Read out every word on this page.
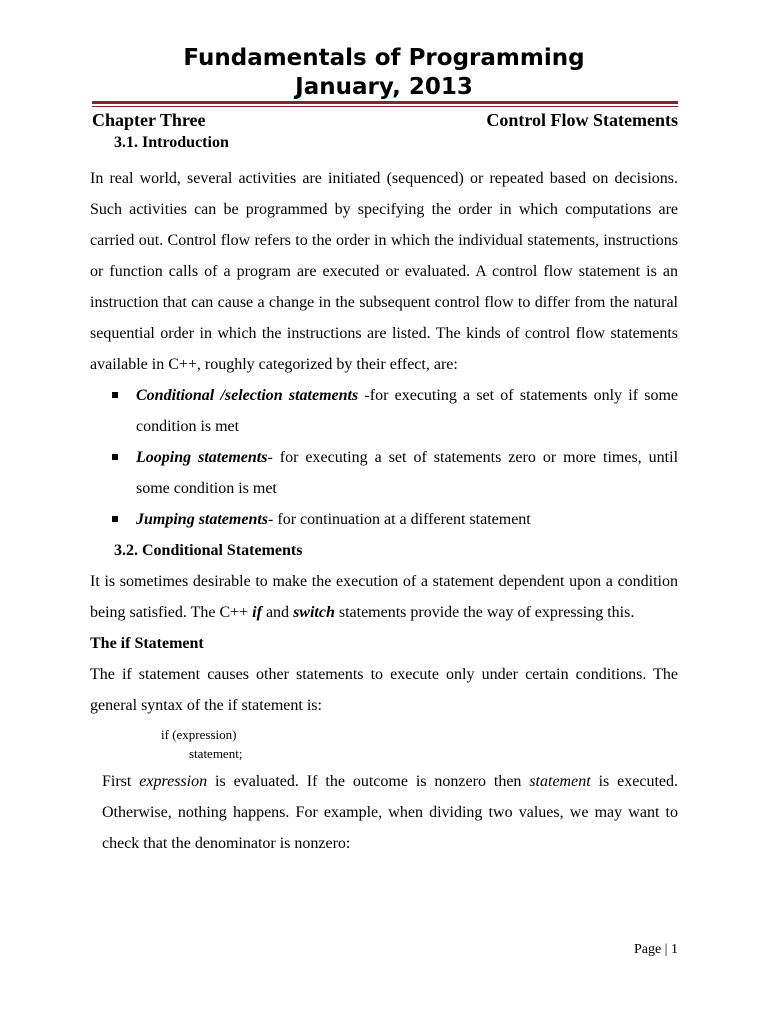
Fundamentals of Programming
January, 2013
Chapter Three	Control Flow Statements
3.1. Introduction

In real world, several activities are initiated (sequenced) or repeated based on decisions. Such activities can be programmed by specifying the order in which computations are carried out. Control flow refers to the order in which the individual statements, instructions or function calls of a program are executed or evaluated. A control flow statement is an instruction that can cause a change in the subsequent control flow to differ from the natural sequential order in which the instructions are listed. The kinds of control flow statements available in C++, roughly categorized by their effect, are:

Conditional /selection statements -for executing a set of statements only if some condition is met
Looping statements- for executing a set of statements zero or more times, until some condition is met
Jumping statements- for continuation at a different statement
3.2. Conditional Statements

It is sometimes desirable to make the execution of a statement dependent upon a condition being satisfied. The C++ if and switch statements provide the way of expressing this.

The if Statement

The if statement causes other statements to execute only under certain conditions. The general syntax of the if statement is:

if (expression)
statement;

First expression is evaluated. If the outcome is nonzero then statement is executed. Otherwise, nothing happens. For example, when dividing two values, we may want to check that the denominator is nonzero:

Page | 1
